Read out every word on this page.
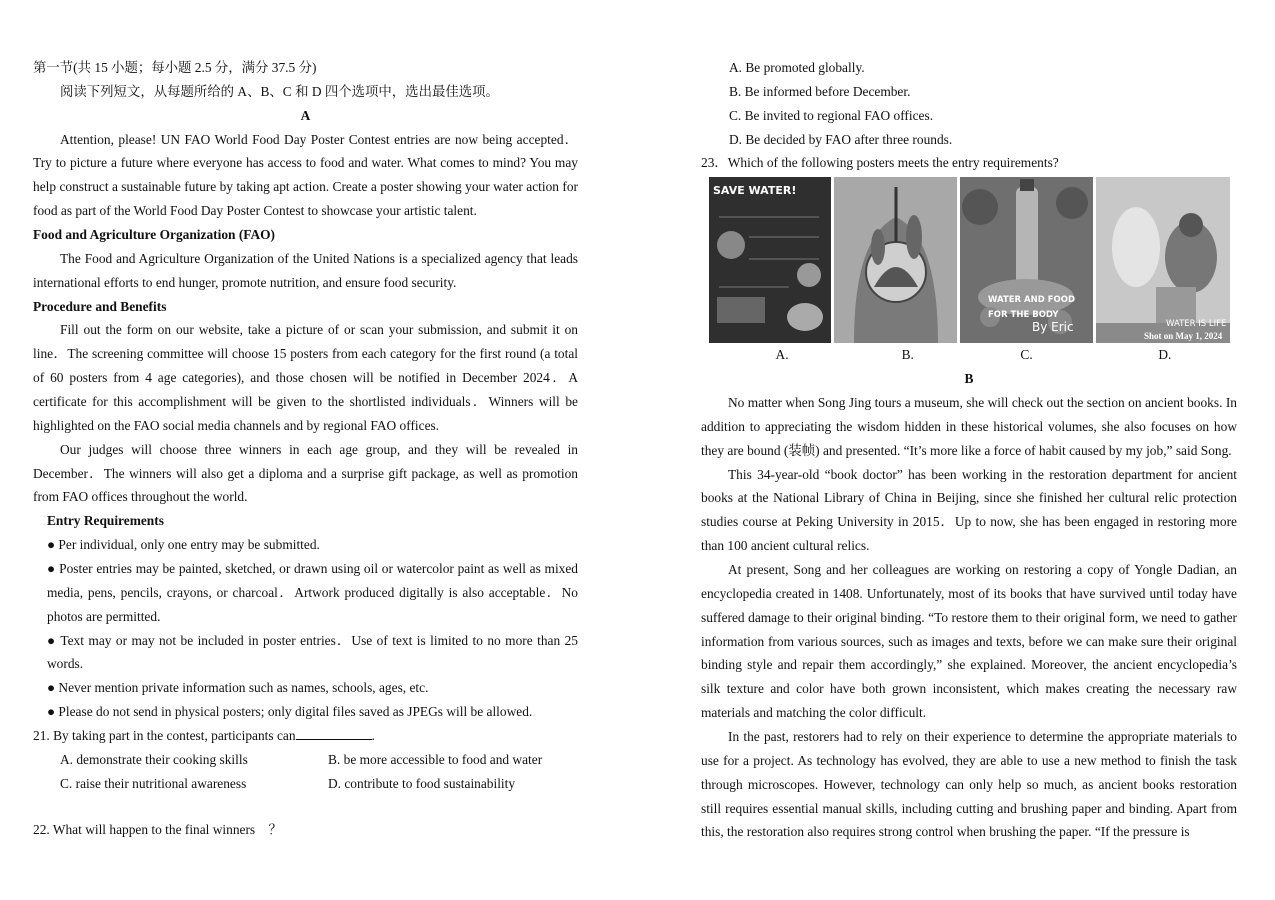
第一节(共 15 小题；每小题 2.5 分，满分 37.5 分)

阅读下列短文，从每题所给的 A、B、C 和 D 四个选项中，选出最佳选项。

A

Attention, please! UN FAO World Food Day Poster Contest entries are now being accepted．Try to picture a future where everyone has access to food and water. What comes to mind? You may help construct a sustainable future by taking apt action. Create a poster showing your water action for food as part of the World Food Day Poster Contest to showcase your artistic talent.

Food and Agriculture Organization (FAO)

The Food and Agriculture Organization of the United Nations is a specialized agency that leads international efforts to end hunger, promote nutrition, and ensure food security.

Procedure and Benefits

Fill out the form on our website, take a picture of or scan your submission, and submit it on line．The screening committee will choose 15 posters from each category for the first round (a total of 60 posters from 4 age categories), and those chosen will be notified in December 2024．A certificate for this accomplishment will be given to the shortlisted individuals．Winners will be highlighted on the FAO social media channels and by regional FAO offices.

Our judges will choose three winners in each age group, and they will be revealed in December．The winners will also get a diploma and a surprise gift package, as well as promotion from FAO offices throughout the world.

Entry Requirements

● Per individual, only one entry may be submitted.

● Poster entries may be painted, sketched, or drawn using oil or watercolor paint as well as mixed media, pens, pencils, crayons, or charcoal．Artwork produced digitally is also acceptable．No photos are permitted.

● Text may or may not be included in poster entries．Use of text is limited to no more than 25 words.

● Never mention private information such as names, schools, ages, etc.

● Please do not send in physical posters; only digital files saved as JPEGs will be allowed.

21. By taking part in the contest, participants can	.

A. demonstrate their cooking skills	B. be more accessible to food and water
C. raise their nutritional awareness	D. contribute to food sustainability

22. What will happen to the final winners　？

A. Be promoted globally.

B. Be informed before December.

C. Be invited to regional FAO offices.

D. Be decided by FAO after three rounds.

23．Which of the following posters meets the entry requirements?

SAVE WATER!
WATER AND FOOD FOR THE BODY
By Eric	WATER IS LIFE
Shot on May 1, 2024
A.	B.	C.	D.

B

No matter when Song Jing tours a museum, she will check out the section on ancient books. In addition to appreciating the wisdom hidden in these historical volumes, she also focuses on how they are bound (装帧) and presented. “It’s more like a force of habit caused by my job,” said Song.

This 34-year-old “book doctor” has been working in the restoration department for ancient books at the National Library of China in Beijing, since she finished her cultural relic protection studies course at Peking University in 2015．Up to now, she has been engaged in restoring more than 100 ancient cultural relics.

At present, Song and her colleagues are working on restoring a copy of Yongle Dadian, an encyclopedia created in 1408. Unfortunately, most of its books that have survived until today have suffered damage to their original binding. “To restore them to their original form, we need to gather information from various sources, such as images and texts, before we can make sure their original binding style and repair them accordingly,” she explained. Moreover, the ancient encyclopedia’s silk texture and color have both grown inconsistent, which makes creating the necessary raw materials and matching the color difficult.

In the past, restorers had to rely on their experience to determine the appropriate materials to use for a project. As technology has evolved, they are able to use a new method to finish the task through microscopes. However, technology can only help so much, as ancient books restoration still requires essential manual skills, including cutting and brushing paper and binding. Apart from this, the restoration also requires strong control when brushing the paper. “If the pressure is
